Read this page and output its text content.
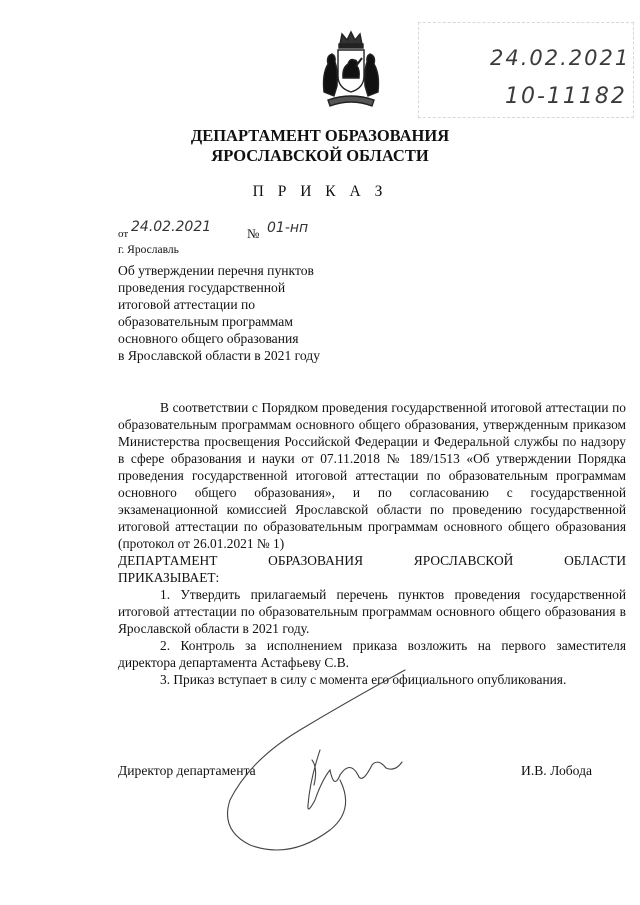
24.02.2021
10-11182
ДЕПАРТАМЕНТ ОБРАЗОВАНИЯ
ЯРОСЛАВСКОЙ ОБЛАСТИ
П Р И К А З
от 24.02.2021	№ 01-нп
г. Ярославль
Об утверждении перечня пунктов
проведения государственной
итоговой аттестации по
образовательным программам
основного общего образования
в Ярославской области в 2021 году

В соответствии с Порядком проведения государственной итоговой аттестации по образовательным программам основного общего образования, утвержденным приказом Министерства просвещения Российской Федерации и Федеральной службы по надзору в сфере образования и науки от 07.11.2018 № 189/1513 «Об утверждении Порядка проведения государственной итоговой аттестации по образовательным программам основного общего образования», и по согласованию с государственной экзаменационной комиссией Ярославской области по проведению государственной итоговой аттестации по образовательным программам основного общего образования (протокол от 26.01.2021 № 1)

ДЕПАРТАМЕНТ ОБРАЗОВАНИЯ ЯРОСЛАВСКОЙ ОБЛАСТИ

ПРИКАЗЫВАЕТ:

1. Утвердить прилагаемый перечень пунктов проведения государственной итоговой аттестации по образовательным программам основного общего образования в Ярославской области в 2021 году.

2. Контроль за исполнением приказа возложить на первого заместителя директора департамента Астафьеву С.В.

3. Приказ вступает в силу с момента его официального опубликования.

Директор департамента	И.В. Лобода
